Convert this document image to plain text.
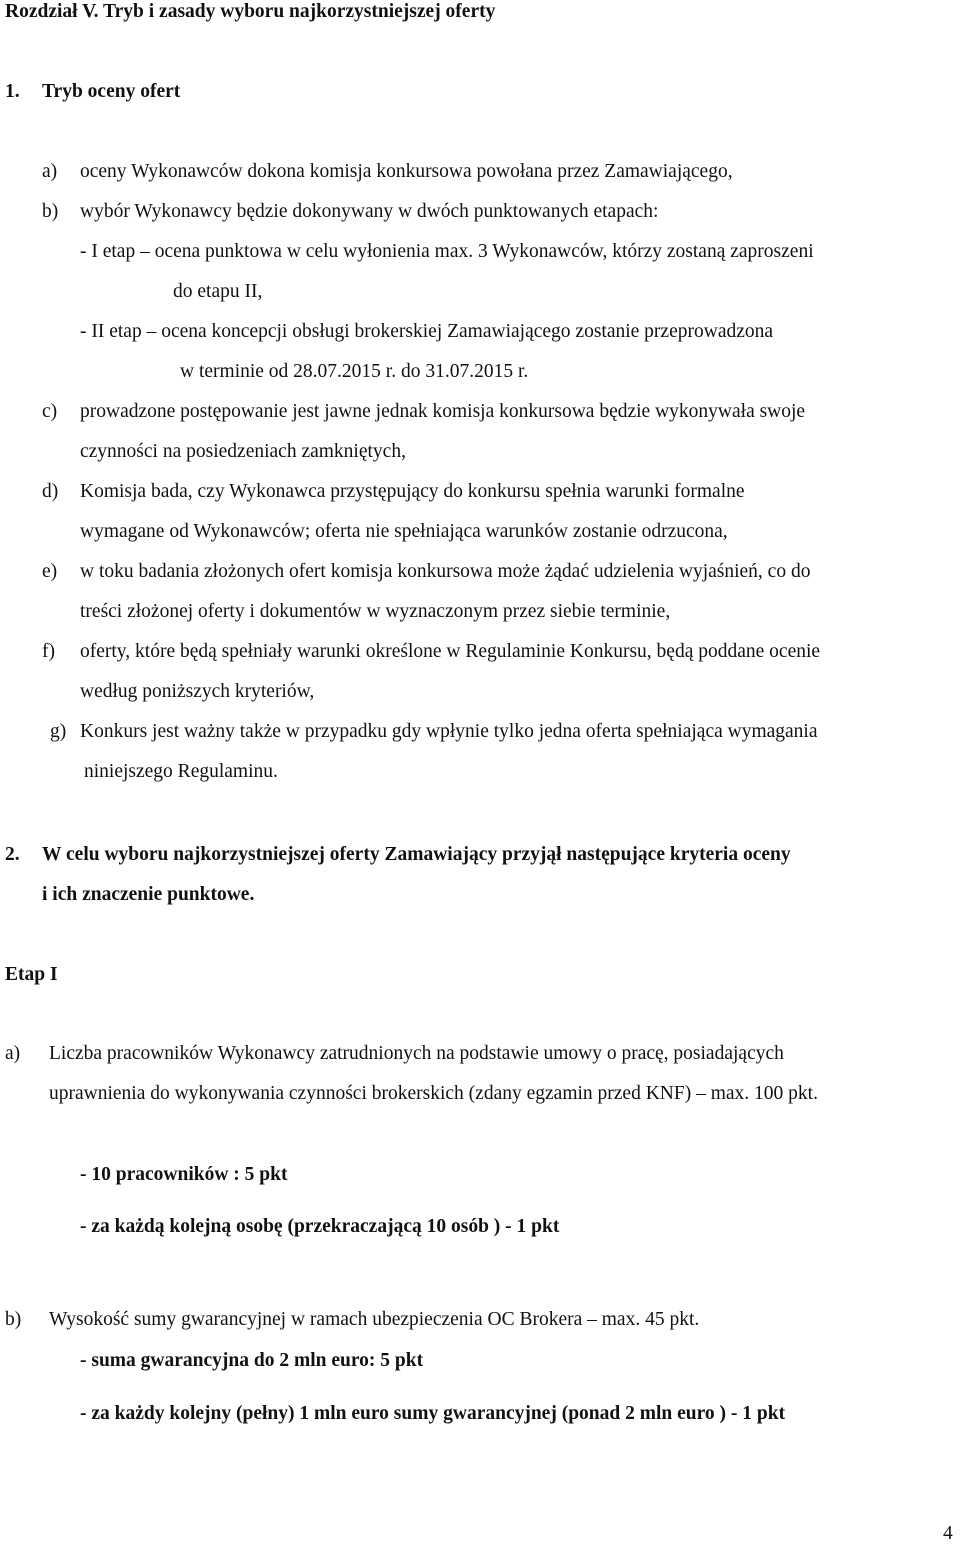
Rozdział V. Tryb i zasady wyboru najkorzystniejszej oferty
1. Tryb oceny ofert
a) oceny Wykonawców dokona komisja konkursowa powołana przez Zamawiającego,
b) wybór Wykonawcy będzie dokonywany w dwóch punktowanych etapach:
- I etap – ocena punktowa w celu wyłonienia max. 3 Wykonawców, którzy zostaną zaproszeni
do etapu II,
- II etap – ocena koncepcji obsługi brokerskiej Zamawiającego zostanie przeprowadzona
w terminie od 28.07.2015 r. do 31.07.2015 r.
c) prowadzone postępowanie jest jawne jednak komisja konkursowa będzie wykonywała swoje
czynności na posiedzeniach zamkniętych,
d) Komisja bada, czy Wykonawca przystępujący do konkursu spełnia warunki formalne
wymagane od Wykonawców; oferta nie spełniająca warunków zostanie odrzucona,
e) w toku badania złożonych ofert komisja konkursowa może żądać udzielenia wyjaśnień, co do
treści złożonej oferty i dokumentów w wyznaczonym przez siebie terminie,
f) oferty, które będą spełniały warunki określone w Regulaminie Konkursu, będą poddane ocenie
według poniższych kryteriów,
g) Konkurs jest ważny także w przypadku gdy wpłynie tylko jedna oferta spełniająca wymagania
niniejszego Regulaminu.
2. W celu wyboru najkorzystniejszej oferty Zamawiający przyjął następujące kryteria oceny
i ich znaczenie punktowe.
Etap I
a) Liczba pracowników Wykonawcy zatrudnionych na podstawie umowy o pracę, posiadających
uprawnienia do wykonywania czynności brokerskich (zdany egzamin przed KNF) – max. 100 pkt.
- 10 pracowników : 5 pkt
- za każdą kolejną osobę (przekraczającą 10 osób ) - 1 pkt
b) Wysokość sumy gwarancyjnej w ramach ubezpieczenia OC Brokera – max. 45 pkt.
- suma gwarancyjna do 2 mln euro: 5 pkt
- za każdy kolejny (pełny) 1 mln euro sumy gwarancyjnej (ponad 2 mln euro ) - 1 pkt
4
